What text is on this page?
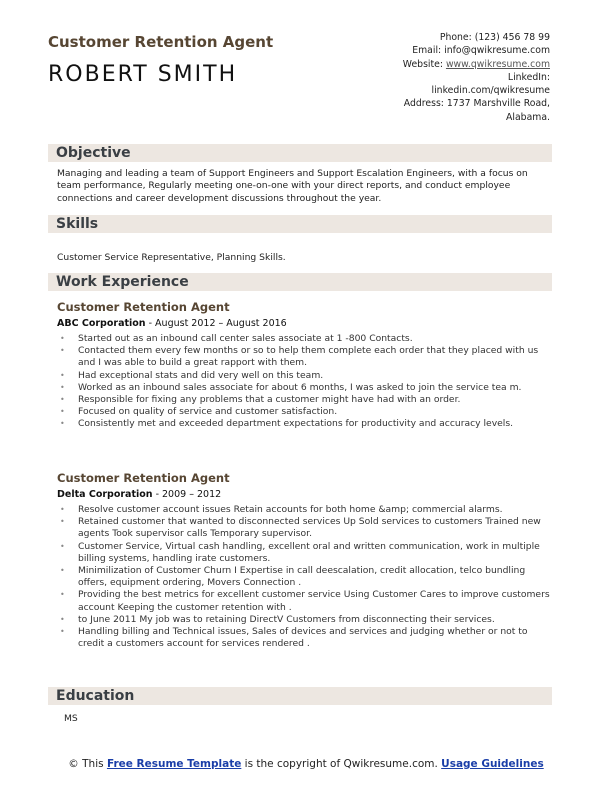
Customer Retention Agent
ROBERT SMITH
Phone: (123) 456 78 99
Email: info@qwikresume.com
Website: www.qwikresume.com
LinkedIn:
linkedin.com/qwikresume
Address: 1737 Marshville Road,
Alabama.
Objective
Managing and leading a team of Support Engineers and Support Escalation Engineers, with a focus on team performance, Regularly meeting one-on-one with your direct reports, and conduct employee connections and career development discussions throughout the year.
Skills
Customer Service Representative, Planning Skills.
Work Experience
Customer Retention Agent
ABC Corporation - August 2012 – August 2016
• Started out as an inbound call center sales associate at 1 -800 Contacts.
• Contacted them every few months or so to help them complete each order that they placed with us and I was able to build a great rapport with them.
• Had exceptional stats and did very well on this team.
• Worked as an inbound sales associate for about 6 months, I was asked to join the service tea m.
• Responsible for fixing any problems that a customer might have had with an order.
• Focused on quality of service and customer satisfaction.
• Consistently met and exceeded department expectations for productivity and accuracy levels.
Customer Retention Agent
Delta Corporation - 2009 – 2012
• Resolve customer account issues Retain accounts for both home &amp; commercial alarms.
• Retained customer that wanted to disconnected services Up Sold services to customers Trained new agents Took supervisor calls Temporary supervisor.
• Customer Service, Virtual cash handling, excellent oral and written communication, work in multiple billing systems, handling irate customers.
• Minimilization of Customer Churn I Expertise in call deescalation, credit allocation, telco bundling offers, equipment ordering, Movers Connection .
• Providing the best metrics for excellent customer service Using Customer Cares to improve customers account Keeping the customer retention with .
• to June 2011 My job was to retaining DirectV Customers from disconnecting their services.
• Handling billing and Technical issues, Sales of devices and services and judging whether or not to credit a customers account for services rendered .
Education
MS
© This Free Resume Template is the copyright of Qwikresume.com. Usage Guidelines
